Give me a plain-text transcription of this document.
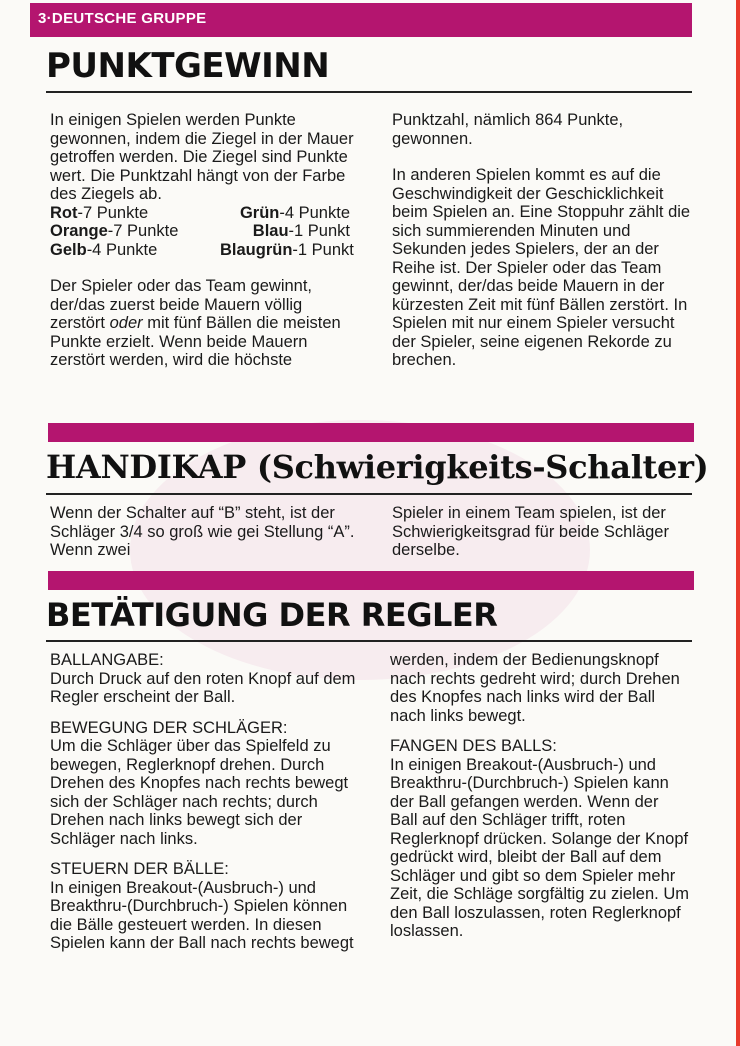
3·DEUTSCHE GRUPPE
PUNKTGEWINN

In einigen Spielen werden Punkte gewonnen, indem die Ziegel in der Mauer getroffen werden. Die Ziegel sind Punkte wert. Die Punktzahl hängt von der Farbe des Ziegels ab.

Rot-7 Punkte	Grün-4 Punkte
Orange-7 Punkte	Blau-1 Punkt
Gelb-4 Punkte	Blaugrün-1 Punkt

Der Spieler oder das Team gewinnt, der/das zuerst beide Mauern völlig zerstört oder mit fünf Bällen die meisten Punkte erzielt. Wenn beide Mauern zerstört werden, wird die höchste

Punktzahl, nämlich 864 Punkte, gewonnen.

In anderen Spielen kommt es auf die Geschwindigkeit der Geschicklichkeit beim Spielen an. Eine Stoppuhr zählt die sich summierenden Minuten und Sekunden jedes Spielers, der an der Reihe ist. Der Spieler oder das Team gewinnt, der/das beide Mauern in der kürzesten Zeit mit fünf Bällen zerstört. In Spielen mit nur einem Spieler versucht der Spieler, seine eigenen Rekorde zu brechen.

HANDIKAP (Schwierigkeits-Schalter)
Wenn der Schalter auf “B” steht, ist der Schläger 3/4 so groß wie gei Stellung “A”. Wenn zwei
Spieler in einem Team spielen, ist der Schwierigkeitsgrad für beide Schläger derselbe.
BETÄTIGUNG DER REGLER

BALLANGABE:

Durch Druck auf den roten Knopf auf dem Regler erscheint der Ball.

BEWEGUNG DER SCHLÄGER:

Um die Schläger über das Spielfeld zu bewegen, Reglerknopf drehen. Durch Drehen des Knopfes nach rechts bewegt sich der Schläger nach rechts; durch Drehen nach links bewegt sich der Schläger nach links.

STEUERN DER BÄLLE:

In einigen Breakout-(Ausbruch-) und Breakthru-(Durchbruch-) Spielen können die Bälle gesteuert werden. In diesen Spielen kann der Ball nach rechts bewegt

werden, indem der Bedienungsknopf nach rechts gedreht wird; durch Drehen des Knopfes nach links wird der Ball nach links bewegt.

FANGEN DES BALLS:

In einigen Breakout-(Ausbruch-) und Breakthru-(Durchbruch-) Spielen kann der Ball gefangen werden. Wenn der Ball auf den Schläger trifft, roten Reglerknopf drücken. Solange der Knopf gedrückt wird, bleibt der Ball auf dem Schläger und gibt so dem Spieler mehr Zeit, die Schläge sorgfältig zu zielen. Um den Ball loszulassen, roten Reglerknopf loslassen.
